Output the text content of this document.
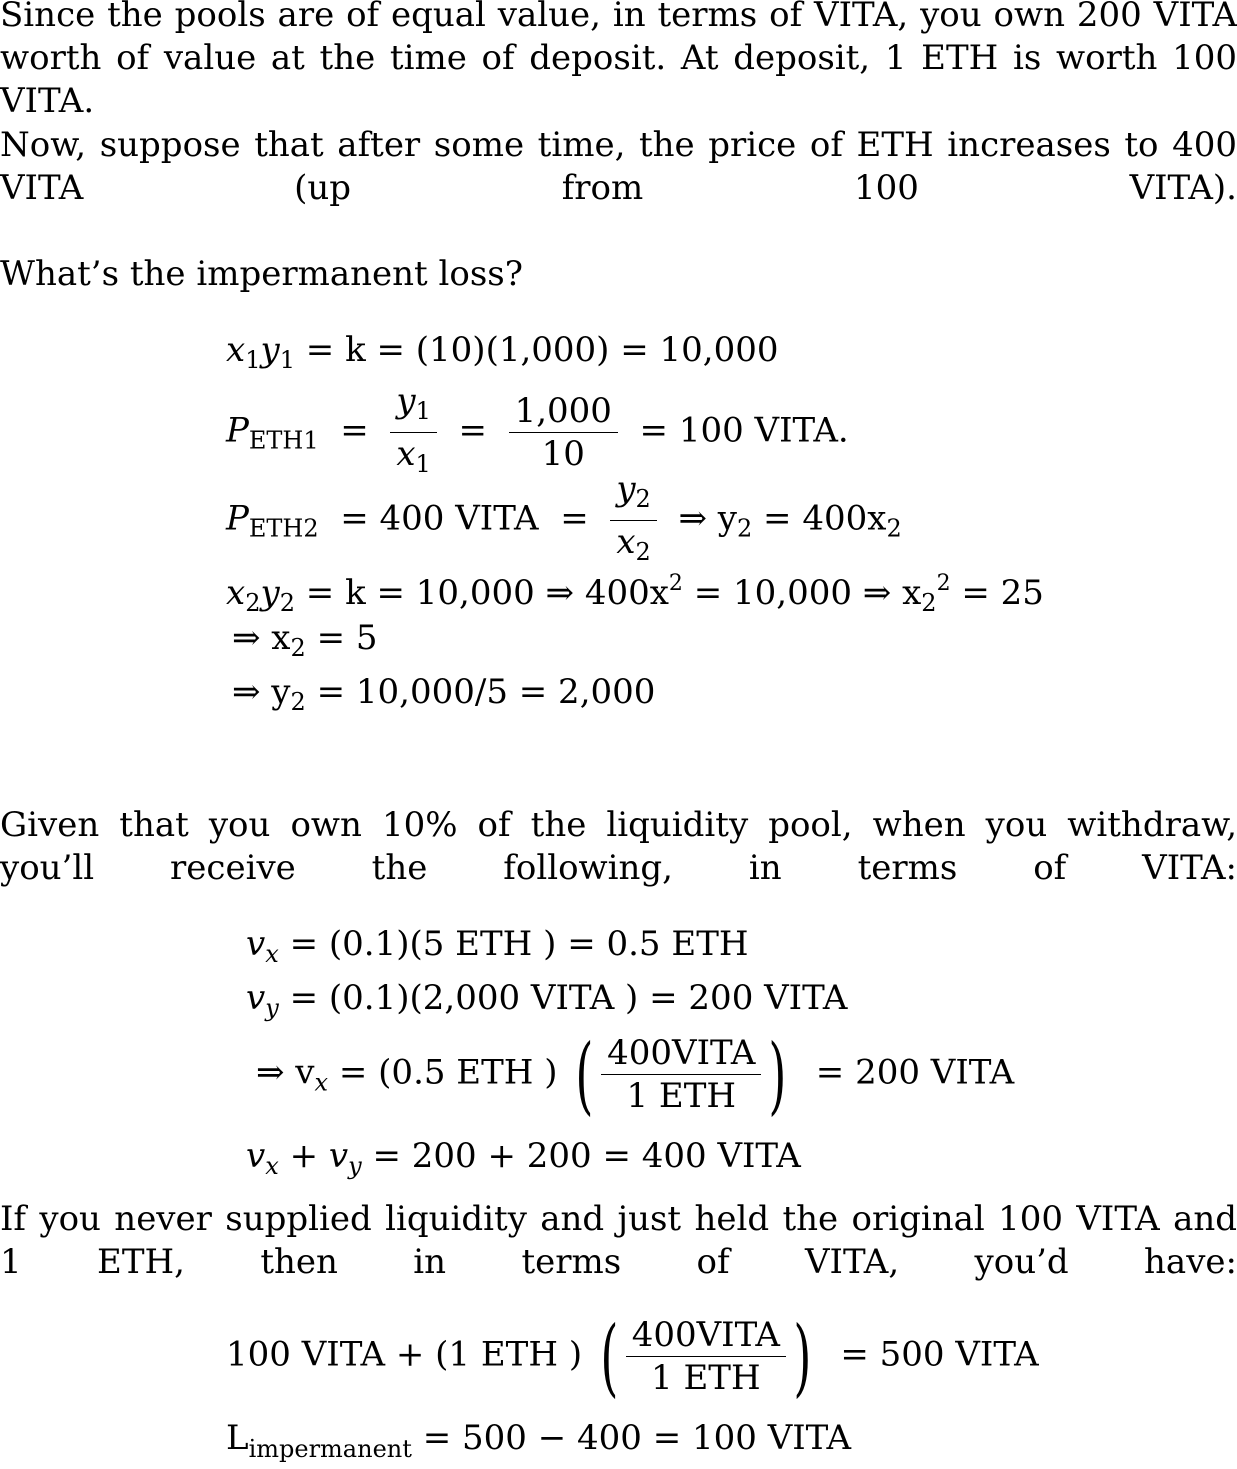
Since the pools are of equal value, in terms of VITA, you own 200 VITA worth of value at the time of deposit. At deposit, 1 ETH is worth 100 VITA.

Now, suppose that after some time, the price of ETH increases to 400 VITA (up from 100 VITA).

What’s the impermanent loss?

$x_1y_1 = k = (10)(1,000) = 10,000$
$P_{ETH1} = \frac{y_1}{x_1} = \frac{1,000}{10} = 100$ VITA.
$P_{ETH2} = 400$ VITA  = $\frac{y_2}{x_2}$ ⇒ $y_2 = 400x_2$
$x_2y_2 = k = 10,000$ ⇒ $400x^2 = 10,000$ ⇒ $x_2^2 = 25$
⇒ $x_2 = 5$
⇒ $y_2 = 10,000/5 = 2,000$

Given that you own 10% of the liquidity pool, when you withdraw, you’ll receive the following, in terms of VITA:

$v_x = (0.1)(5$ ETH ) = 0.5 ETH
$v_y = (0.1)(2,000$ VITA ) = 200 VITA
⇒ $v_x = (0.5$ ETH ) ( $\frac{\text{400VITA}}{\text{1 ETH}}$ ) = 200 VITA
$v_x + v_y = 200 + 200 = 400$ VITA

If you never supplied liquidity and just held the original 100 VITA and 1 ETH, then in terms of VITA, you’d have:

100 VITA + (1 ETH ) ( $\frac{\text{400VITA}}{\text{1 ETH}}$ ) = 500 VITA
$L_{impermanent} = 500 - 400 = 100$ VITA
